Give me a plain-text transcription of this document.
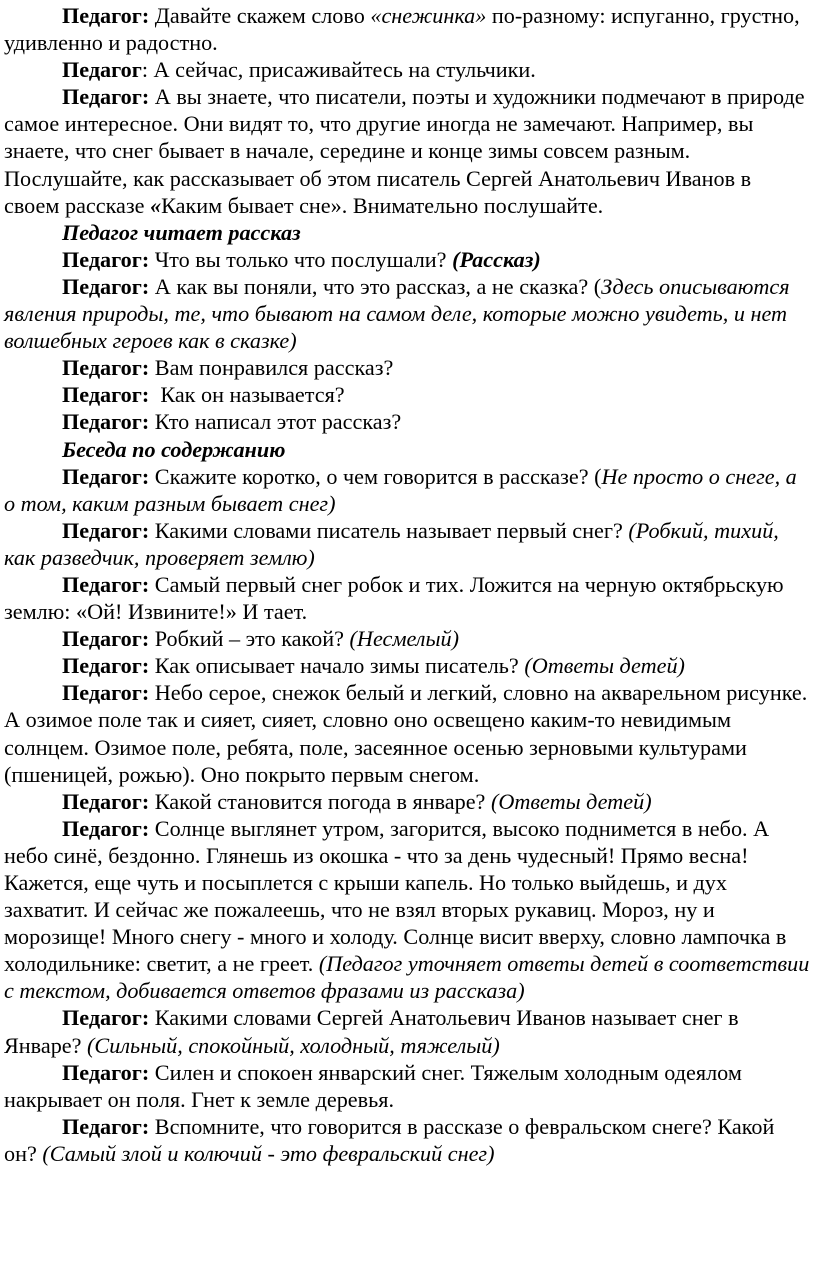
Педагог: Давайте скажем слово «снежинка» по-разному: испуганно, грустно, удивленно и радостно.

Педагог: А сейчас, присаживайтесь на стульчики.

Педагог: А вы знаете, что писатели, поэты и художники подмечают в природе самое интересное. Они видят то, что другие иногда не замечают. Например, вы знаете, что снег бывает в начале, середине и конце зимы совсем разным. Послушайте, как рассказывает об этом писатель Сергей Анатольевич Иванов в своем рассказе «Каким бывает сне». Внимательно послушайте.

Педагог читает рассказ

Педагог: Что вы только что послушали? (Рассказ)

Педагог: А как вы поняли, что это рассказ, а не сказка? (Здесь описываются явления природы, те, что бывают на самом деле, которые можно увидеть, и нет волшебных героев как в сказке)

Педагог: Вам понравился рассказ?

Педагог:  Как он называется?

Педагог: Кто написал этот рассказ?

Беседа по содержанию

Педагог: Скажите коротко, о чем говорится в рассказе? (Не просто о снеге, а о том, каким разным бывает снег)

Педагог: Какими словами писатель называет первый снег? (Робкий, тихий, как разведчик, проверяет землю)

Педагог: Самый первый снег робок и тих. Ложится на черную октябрьскую землю: «Ой! Извините!» И тает.

Педагог: Робкий – это какой? (Несмелый)

Педагог: Как описывает начало зимы писатель? (Ответы детей)

Педагог: Небо серое, снежок белый и легкий, словно на акварельном рисунке. А озимое поле так и сияет, сияет, словно оно освещено каким-то невидимым солнцем. Озимое поле, ребята, поле, засеянное осенью зерновыми культурами (пшеницей, рожью). Оно покрыто первым снегом.

Педагог: Какой становится погода в январе? (Ответы детей)

Педагог: Солнце выглянет утром, загорится, высоко поднимется в небо. А небо синё, бездонно. Глянешь из окошка - что за день чудесный! Прямо весна! Кажется, еще чуть и посыплется с крыши капель. Но только выйдешь, и дух захватит. И сейчас же пожалеешь, что не взял вторых рукавиц. Мороз, ну и морозище! Много снегу - много и холоду. Солнце висит вверху, словно лампочка в холодильнике: светит, а не греет. (Педагог уточняет ответы детей в соответствии с текстом, добивается ответов фразами из рассказа)

Педагог: Какими словами Сергей Анатольевич Иванов называет снег в Январе? (Сильный, спокойный, холодный, тяжелый)

Педагог: Силен и спокоен январский снег. Тяжелым холодным одеялом накрывает он поля. Гнет к земле деревья.

Педагог: Вспомните, что говорится в рассказе о февральском снеге? Какой он? (Самый злой и колючий - это февральский снег)
